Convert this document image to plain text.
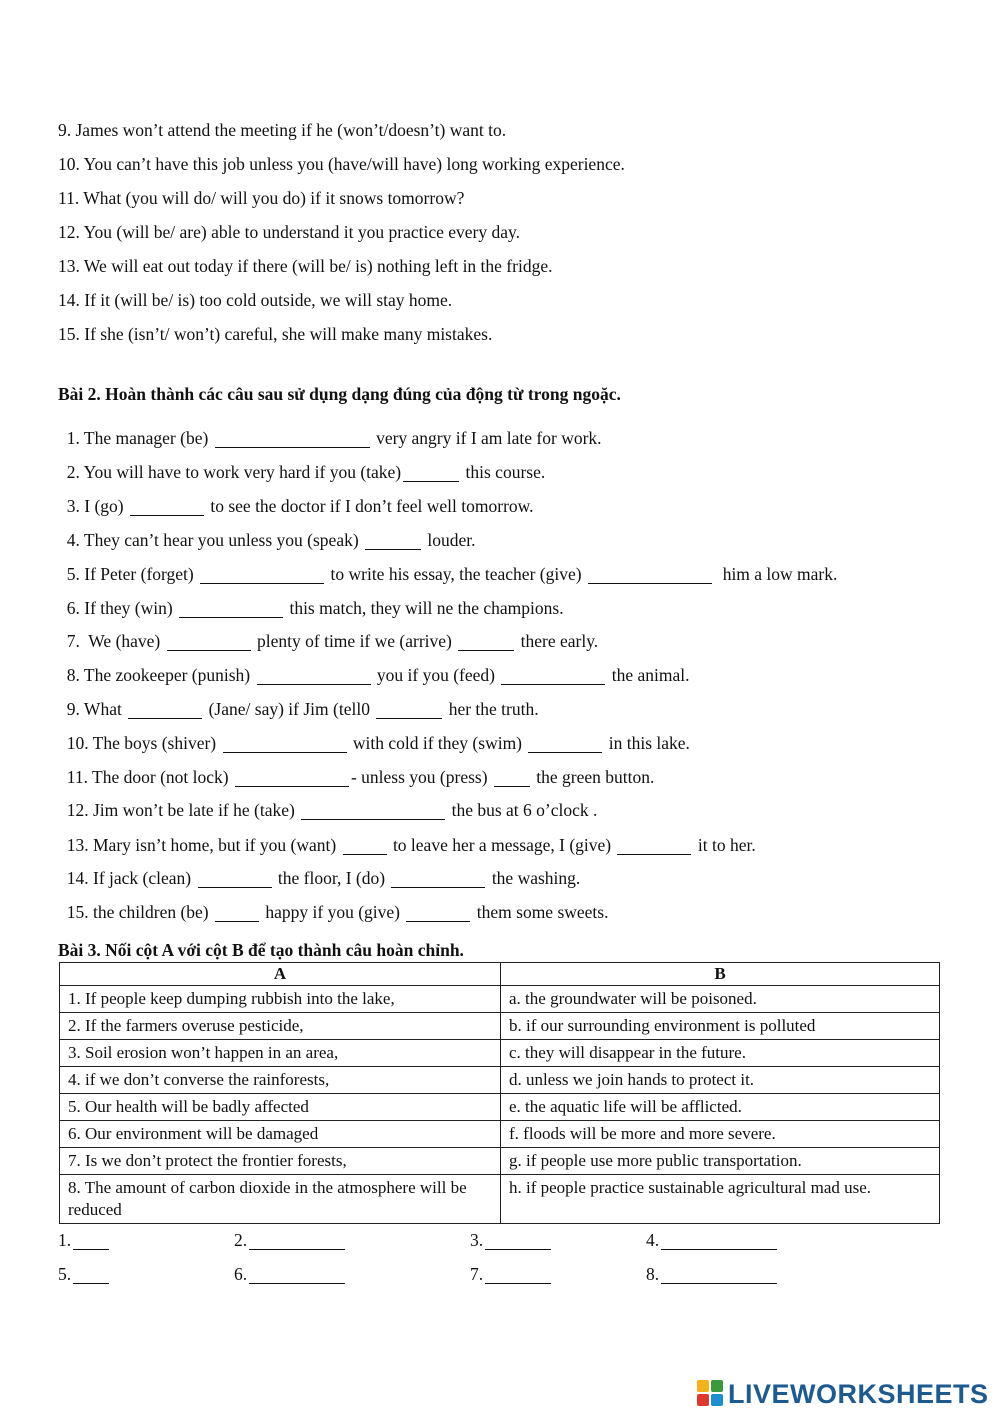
9. James won’t attend the meeting if he (won’t/doesn’t) want to.
10. You can’t have this job unless you (have/will have) long working experience.
11. What (you will do/ will you do) if it snows tomorrow?
12. You (will be/ are) able to understand it you practice every day.
13. We will eat out today if there (will be/ is) nothing left in the fridge.
14. If it (will be/ is) too cold outside, we will stay home.
15. If she (isn’t/ won’t) careful, she will make many mistakes.
Bài 2. Hoàn thành các câu sau sử dụng dạng đúng của động từ trong ngoặc.

1. The manager (be)	very angry if I am late for work.

2. You will have to work very hard if you (take)	this course.

3. I (go)	to see the doctor if I don’t feel well tomorrow.

4. They can’t hear you unless you (speak)	louder.

5. If Peter (forget)	to write his essay, the teacher (give)	him a low mark.

6. If they (win)	this match, they will ne the champions.

7.  We (have)	plenty of time if we (arrive)	there early.

8. The zookeeper (punish)	you if you (feed)	the animal.

9. What	(Jane/ say) if Jim (tell0	her the truth.

10. The boys (shiver)	with cold if they (swim)	in this lake.

11. The door (not lock)	- unless you (press)  the green button.

12. Jim won’t be late if he (take)	the bus at 6 o’clock .

13. Mary isn’t home, but if you (want)	to leave her a message, I (give)	it to her.

14. If jack (clean)	the floor, I (do)	the washing.

15. the children (be)	happy if you (give)	them some sweets.

Bài 3. Nối cột A với cột B để tạo thành câu hoàn chỉnh.
A	B
1. If people keep dumping rubbish into the lake,	a. the groundwater will be poisoned.
2. If the farmers overuse pesticide,	b. if our surrounding environment is polluted
3. Soil erosion won’t happen in an area,	c. they will disappear in the future.
4. if we don’t converse the rainforests,	d. unless we join hands to protect it.
5. Our health will be badly affected	e. the aquatic life will be afflicted.
6. Our environment will be damaged	f. floods will be more and more severe.
7. Is we don’t protect the frontier forests,	g. if people use more public transportation.
8. The amount of carbon dioxide in the atmosphere will be reduced	h. if people practice sustainable agricultural mad use.
1.	2.	3.	4.
5.	6.	7.	8.
LIVEWORKSHEETS
